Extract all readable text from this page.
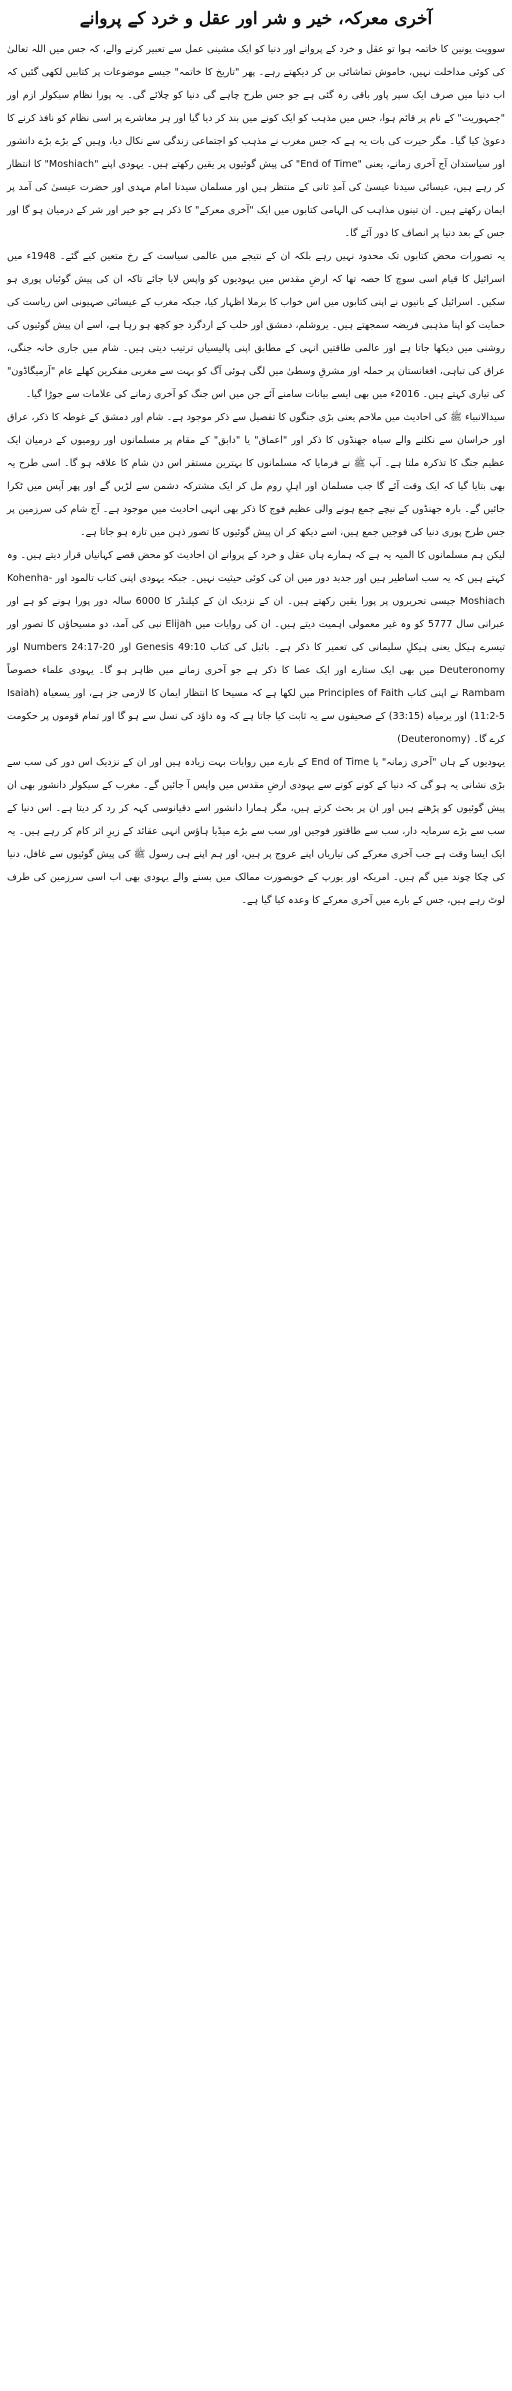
آخری معرکہ، خیر و شر اور عقل و خرد کے پروانے

سوویت یونین کا خاتمہ ہوا تو عقل و خرد کے پروانے اور دنیا کو ایک مشینی عمل سے تعبیر کرنے والے، کہ جس میں اللہ تعالیٰ کی کوئی مداخلت نہیں، خاموش تماشائی بن کر دیکھتے رہے۔ پھر "تاریخ کا خاتمہ" جیسے موضوعات پر کتابیں لکھی گئیں کہ اب دنیا میں صرف ایک سپر پاور باقی رہ گئی ہے جو جس طرح چاہے گی دنیا کو چلائے گی۔ یہ پورا نظام سیکولر ازم اور "جمہوریت" کے نام پر قائم ہوا، جس میں مذہب کو ایک کونے میں بند کر دیا گیا اور ہر معاشرے پر اسی نظام کو نافذ کرنے کا دعویٰ کیا گیا۔ مگر حیرت کی بات یہ ہے کہ جس مغرب نے مذہب کو اجتماعی زندگی سے نکال دیا، وہیں کے بڑے بڑے دانشور اور سیاستدان آج آخری زمانے، یعنی "End of Time" کی پیش گوئیوں پر یقین رکھتے ہیں۔ یہودی اپنے "Moshiach" کا انتظار کر رہے ہیں، عیسائی سیدنا عیسیٰ کی آمدِ ثانی کے منتظر ہیں اور مسلمان سیدنا امام مہدی اور حضرت عیسیٰ کی آمد پر ایمان رکھتے ہیں۔ ان تینوں مذاہب کی الہامی کتابوں میں ایک "آخری معرکے" کا ذکر ہے جو خیر اور شر کے درمیان ہو گا اور جس کے بعد دنیا پر انصاف کا دور آئے گا۔

یہ تصورات محض کتابوں تک محدود نہیں رہے بلکہ ان کے نتیجے میں عالمی سیاست کے رخ متعین کیے گئے۔ 1948ء میں اسرائیل کا قیام اسی سوچ کا حصہ تھا کہ ارضِ مقدس میں یہودیوں کو واپس لایا جائے تاکہ ان کی پیش گوئیاں پوری ہو سکیں۔ اسرائیل کے بانیوں نے اپنی کتابوں میں اس خواب کا برملا اظہار کیا، جبکہ مغرب کے عیسائی صہیونی اس ریاست کی حمایت کو اپنا مذہبی فریضہ سمجھتے ہیں۔ یروشلم، دمشق اور حلب کے اردگرد جو کچھ ہو رہا ہے، اسے ان پیش گوئیوں کی روشنی میں دیکھا جاتا ہے اور عالمی طاقتیں انہی کے مطابق اپنی پالیسیاں ترتیب دیتی ہیں۔ شام میں جاری خانہ جنگی، عراق کی تباہی، افغانستان پر حملہ اور مشرقِ وسطیٰ میں لگی ہوئی آگ کو بہت سے مغربی مفکرین کھلے عام "آرمیگاڈون" کی تیاری کہتے ہیں۔ 2016ء میں بھی ایسے بیانات سامنے آئے جن میں اس جنگ کو آخری زمانے کی علامات سے جوڑا گیا۔

سیدالانبیاء ﷺ کی احادیث میں ملاحم یعنی بڑی جنگوں کا تفصیل سے ذکر موجود ہے۔ شام اور دمشق کے غوطہ کا ذکر، عراق اور خراسان سے نکلنے والے سیاہ جھنڈوں کا ذکر اور "اعماق" یا "دابق" کے مقام پر مسلمانوں اور رومیوں کے درمیان ایک عظیم جنگ کا تذکرہ ملتا ہے۔ آپ ﷺ نے فرمایا کہ مسلمانوں کا بہترین مستقر اس دن شام کا علاقہ ہو گا۔ اسی طرح یہ بھی بتایا گیا کہ ایک وقت آئے گا جب مسلمان اور اہلِ روم مل کر ایک مشترکہ دشمن سے لڑیں گے اور پھر آپس میں ٹکرا جائیں گے۔ بارہ جھنڈوں کے نیچے جمع ہونے والی عظیم فوج کا ذکر بھی انہی احادیث میں موجود ہے۔ آج شام کی سرزمین پر جس طرح پوری دنیا کی فوجیں جمع ہیں، اسے دیکھ کر ان پیش گوئیوں کا تصور ذہن میں تازہ ہو جاتا ہے۔

لیکن ہم مسلمانوں کا المیہ یہ ہے کہ ہمارے ہاں عقل و خرد کے پروانے ان احادیث کو محض قصے کہانیاں قرار دیتے ہیں۔ وہ کہتے ہیں کہ یہ سب اساطیر ہیں اور جدید دور میں ان کی کوئی حیثیت نہیں۔ جبکہ یہودی اپنی کتاب تالمود اور Kohenha-Moshiach جیسی تحریروں پر پورا یقین رکھتے ہیں۔ ان کے نزدیک ان کے کیلنڈر کا 6000 سالہ دور پورا ہونے کو ہے اور عبرانی سال 5777 کو وہ غیر معمولی اہمیت دیتے ہیں۔ ان کی روایات میں Elijah نبی کی آمد، دو مسیحاؤں کا تصور اور تیسرے ہیکل یعنی ہیکلِ سلیمانی کی تعمیر کا ذکر ہے۔ بائبل کی کتاب Genesis 49:10 اور Numbers 24:17-20 اور Deuteronomy میں بھی ایک ستارے اور ایک عصا کا ذکر ہے جو آخری زمانے میں ظاہر ہو گا۔ یہودی علماء خصوصاً Rambam نے اپنی کتاب Principles of Faith میں لکھا ہے کہ مسیحا کا انتظار ایمان کا لازمی جز ہے، اور یسعیاہ (Isaiah 11:2-5) اور یرمیاہ (33:15) کے صحیفوں سے یہ ثابت کیا جاتا ہے کہ وہ داؤد کی نسل سے ہو گا اور تمام قوموں پر حکومت کرے گا۔ (Deuteronomy)

یہودیوں کے ہاں "آخری زمانہ" یا End of Time کے بارے میں روایات بہت زیادہ ہیں اور ان کے نزدیک اس دور کی سب سے بڑی نشانی یہ ہو گی کہ دنیا کے کونے کونے سے یہودی ارضِ مقدس میں واپس آ جائیں گے۔ مغرب کے سیکولر دانشور بھی ان پیش گوئیوں کو پڑھتے ہیں اور ان پر بحث کرتے ہیں، مگر ہمارا دانشور اسے دقیانوسی کہہ کر رد کر دیتا ہے۔ اس دنیا کے سب سے بڑے سرمایہ دار، سب سے طاقتور فوجیں اور سب سے بڑے میڈیا ہاؤس انہی عقائد کے زیرِ اثر کام کر رہے ہیں۔ یہ ایک ایسا وقت ہے جب آخری معرکے کی تیاریاں اپنے عروج پر ہیں، اور ہم اپنے ہی رسول ﷺ کی پیش گوئیوں سے غافل، دنیا کی چکا چوند میں گم ہیں۔ امریکہ اور یورپ کے خوبصورت ممالک میں بسنے والے یہودی بھی اب اسی سرزمین کی طرف لوٹ رہے ہیں، جس کے بارے میں آخری معرکے کا وعدہ کیا گیا ہے۔
